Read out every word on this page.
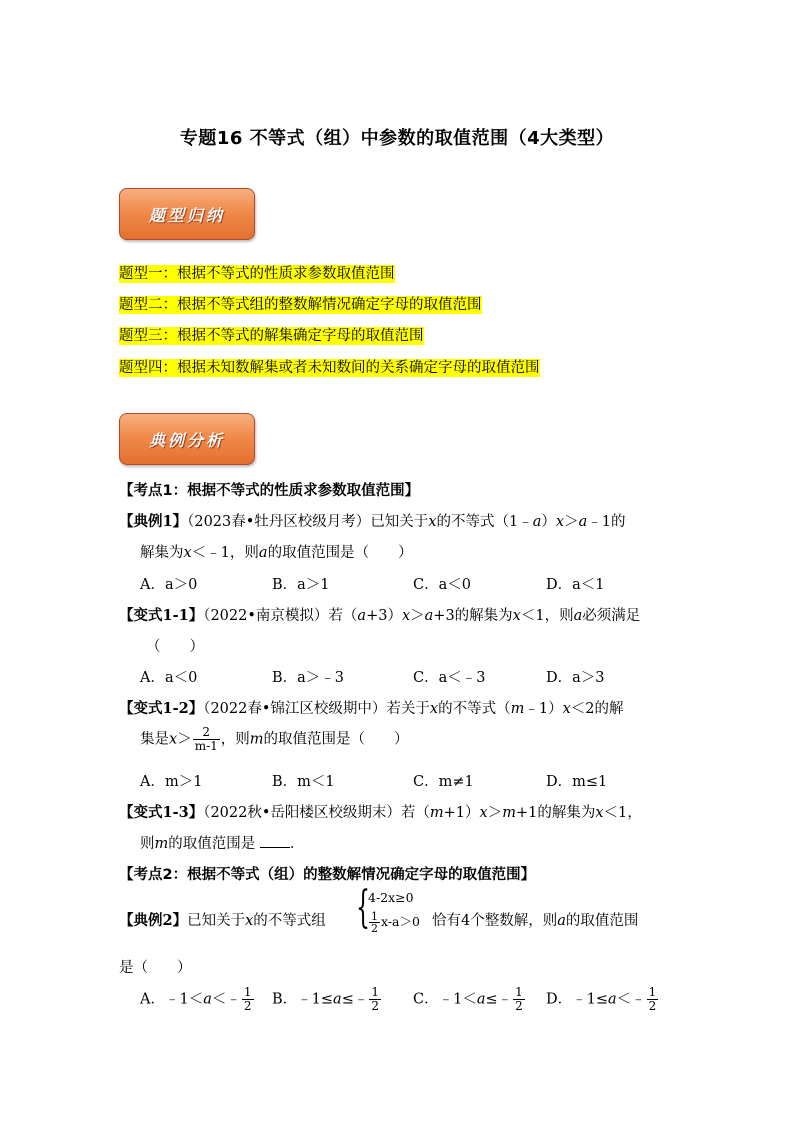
专题16 不等式（组）中参数的取值范围（4大类型）
题型归纳
题型一：根据不等式的性质求参数取值范围
题型二：根据不等式组的整数解情况确定字母的取值范围
题型三：根据不等式的解集确定字母的取值范围
题型四：根据未知数解集或者未知数间的关系确定字母的取值范围
典例分析
【考点1：根据不等式的性质求参数取值范围】
【典例1】（2023春•牡丹区校级月考）已知关于x的不等式（1﹣a）x＞a﹣1的
解集为x＜﹣1，则a的取值范围是（　　）
A．a＞0	B．a＞1	C．a＜0	D．a＜1
【变式1-1】（2022•南京模拟）若（a+3）x＞a+3的解集为x＜1，则a必须满足
（　　）
A．a＜0	B．a＞﹣3	C．a＜﹣3	D．a＞3
【变式1-2】（2022春•锦江区校级期中）若关于x的不等式（m﹣1）x＜2的解
集是$x> \frac{2}{m-1}$ ，则m的取值范围是（　　）
A．m＞1	B．m＜1	C．m≠1	D．m≤1
【变式1-3】（2022秋•岳阳楼区校级期末）若（m+1）x＞m+1的解集为x＜1，
则m的取值范围是 ．
【考点2：根据不等式（组）的整数解情况确定字母的取值范围】
【典例2】已知关于x的不等式组 {
4-2x≥0
$\frac{1}{2} x-a>0$ 恰有4个整数解，则a的取值范围
是（　　）
A．﹣1＜a＜﹣ $\frac{1}{2}$ B．﹣1≤a≤﹣ $\frac{1}{2}$ C．﹣1＜a≤﹣ $\frac{1}{2}$ D．﹣1≤a＜﹣ $\frac{1}{2}$
